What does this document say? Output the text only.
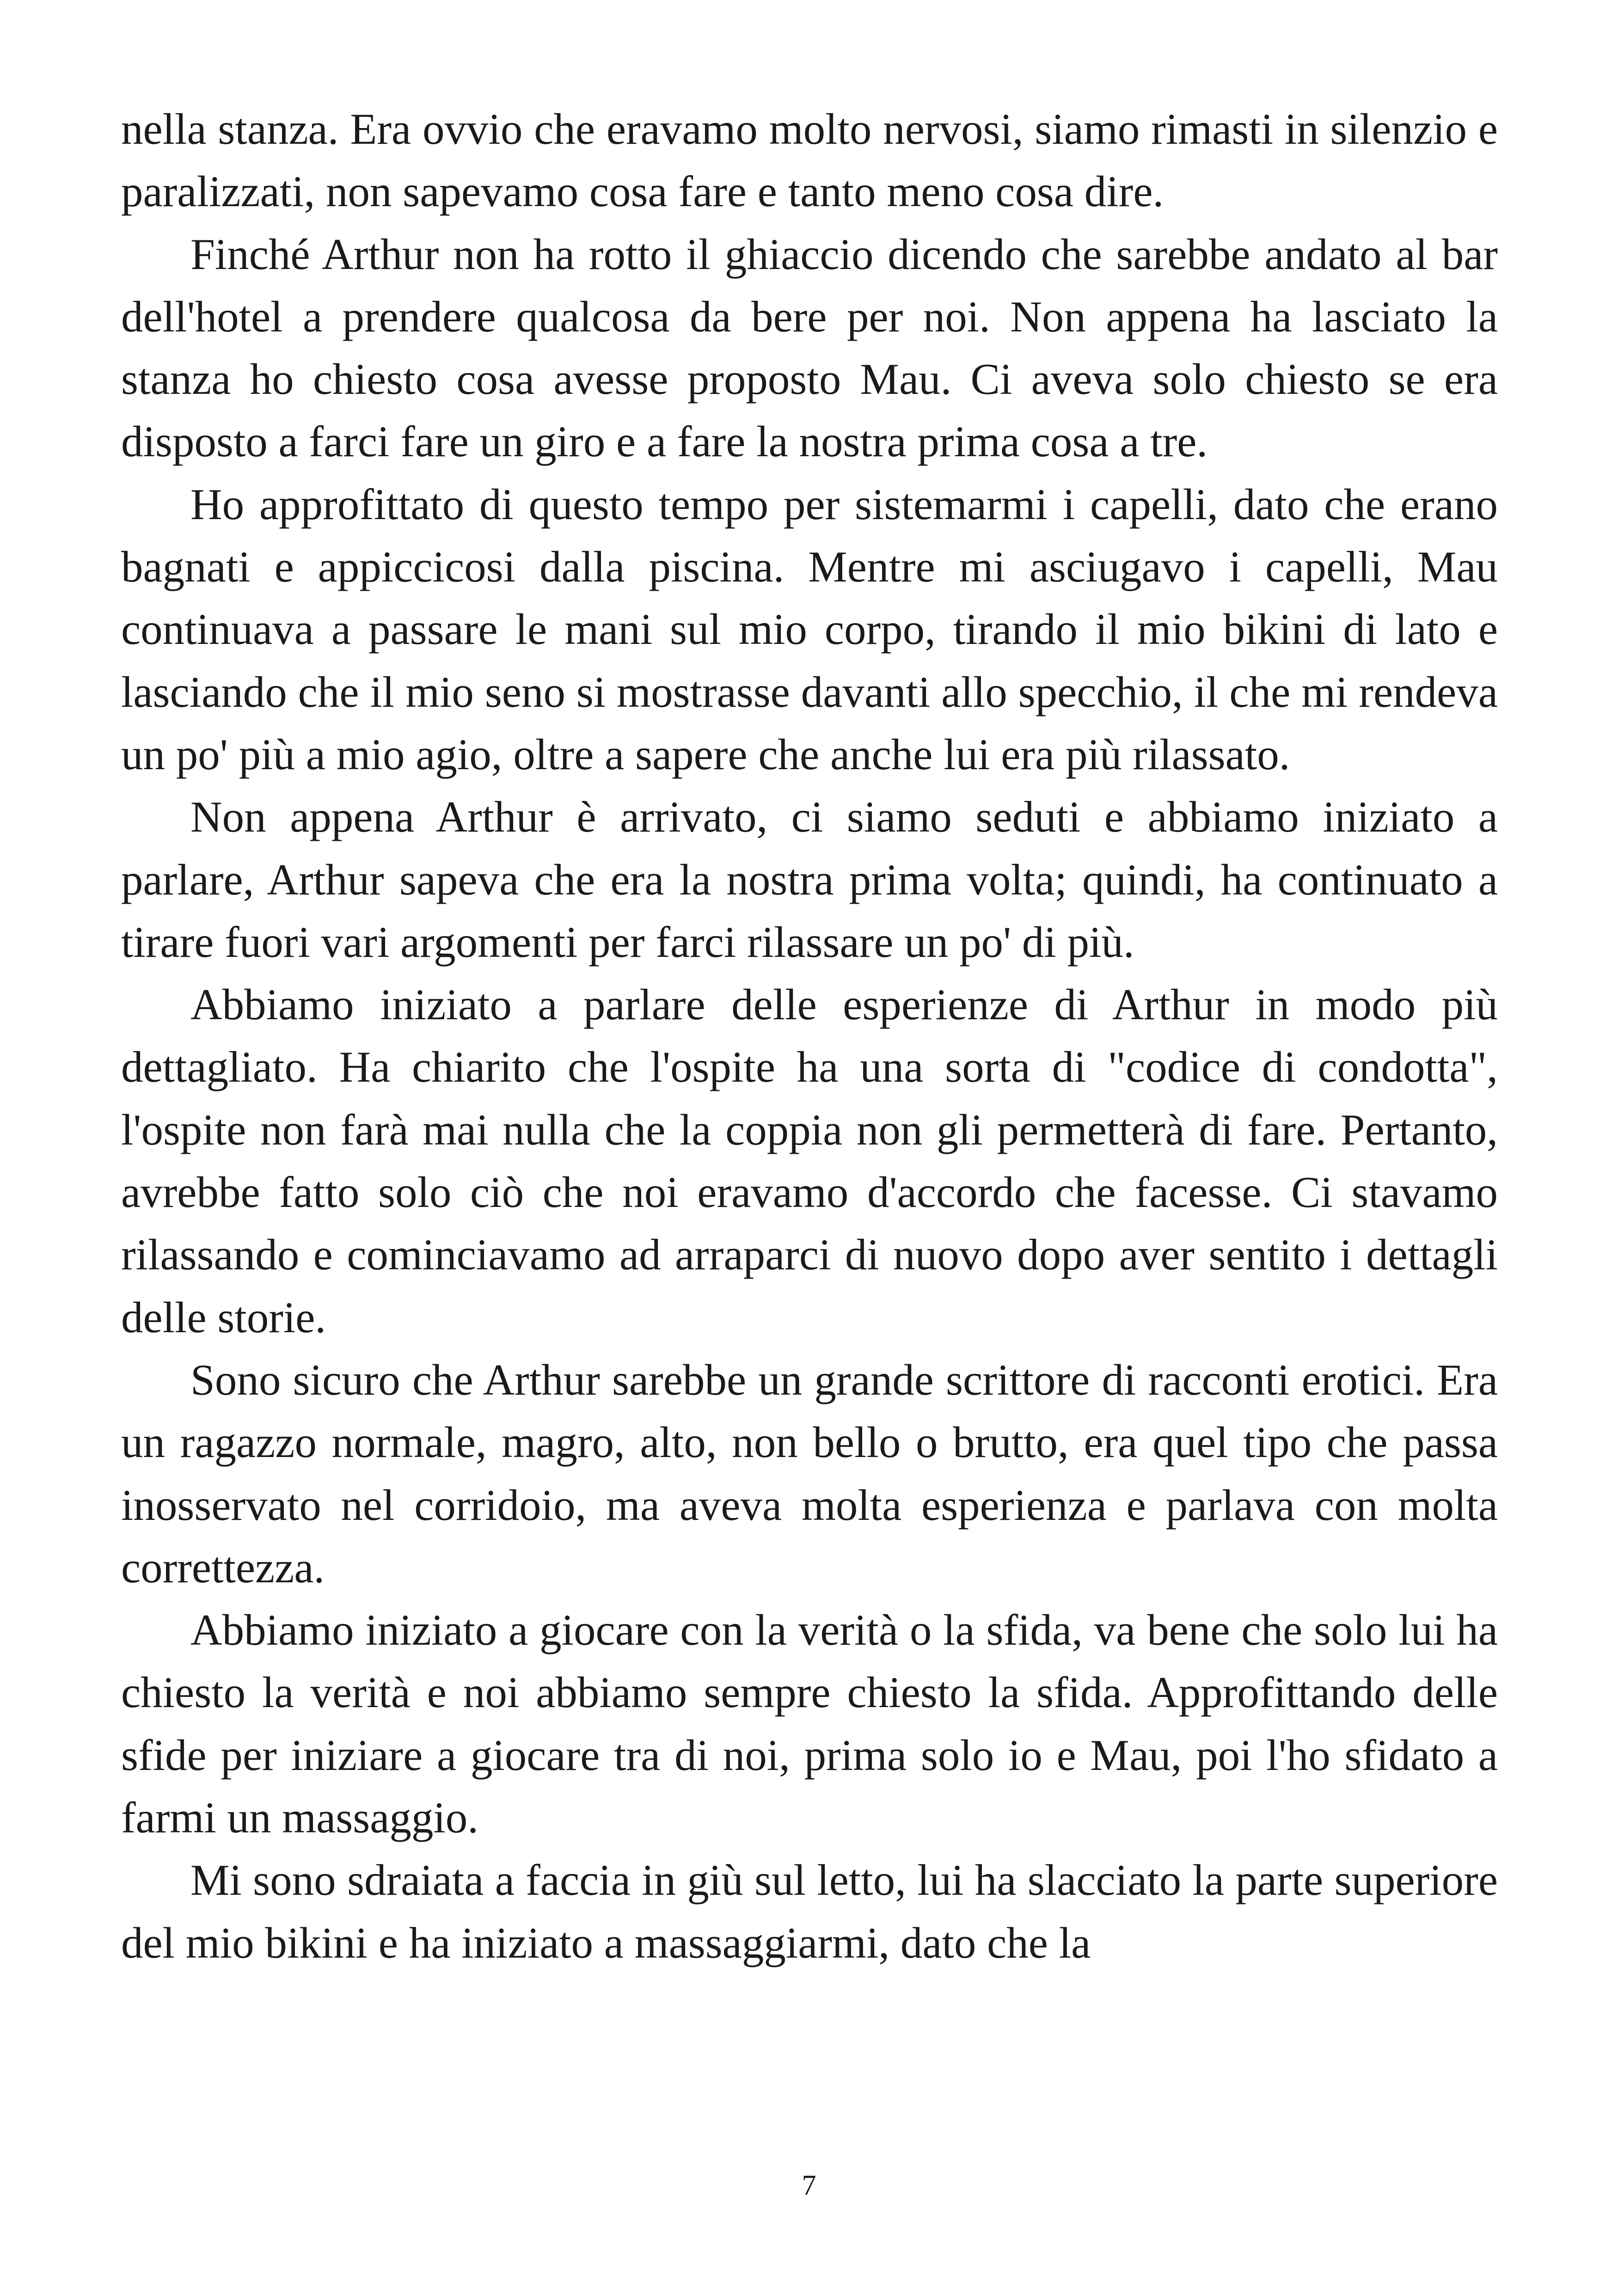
nella stanza. Era ovvio che eravamo molto nervosi, siamo rimasti in silenzio e paralizzati, non sapevamo cosa fare e tanto meno cosa dire.

Finché Arthur non ha rotto il ghiaccio dicendo che sarebbe andato al bar dell'hotel a prendere qualcosa da bere per noi. Non appena ha lasciato la stanza ho chiesto cosa avesse proposto Mau. Ci aveva solo chiesto se era disposto a farci fare un giro e a fare la nostra prima cosa a tre.

Ho approfittato di questo tempo per sistemarmi i capelli, dato che erano bagnati e appiccicosi dalla piscina. Mentre mi asciugavo i capelli, Mau continuava a passare le mani sul mio corpo, tirando il mio bikini di lato e lasciando che il mio seno si mostrasse davanti allo specchio, il che mi rendeva un po' più a mio agio, oltre a sapere che anche lui era più rilassato.

Non appena Arthur è arrivato, ci siamo seduti e abbiamo iniziato a parlare, Arthur sapeva che era la nostra prima volta; quindi, ha continuato a tirare fuori vari argomenti per farci rilassare un po' di più.

Abbiamo iniziato a parlare delle esperienze di Arthur in modo più dettagliato. Ha chiarito che l'ospite ha una sorta di "codice di condotta", l'ospite non farà mai nulla che la coppia non gli permetterà di fare. Pertanto, avrebbe fatto solo ciò che noi eravamo d'accordo che facesse. Ci stavamo rilassando e cominciavamo ad arraparci di nuovo dopo aver sentito i dettagli delle storie.

Sono sicuro che Arthur sarebbe un grande scrittore di racconti erotici. Era un ragazzo normale, magro, alto, non bello o brutto, era quel tipo che passa inosservato nel corridoio, ma aveva molta esperienza e parlava con molta correttezza.

Abbiamo iniziato a giocare con la verità o la sfida, va bene che solo lui ha chiesto la verità e noi abbiamo sempre chiesto la sfida. Approfittando delle sfide per iniziare a giocare tra di noi, prima solo io e Mau, poi l'ho sfidato a farmi un massaggio.

Mi sono sdraiata a faccia in giù sul letto, lui ha slacciato la parte superiore del mio bikini e ha iniziato a massaggiarmi, dato che la

7
